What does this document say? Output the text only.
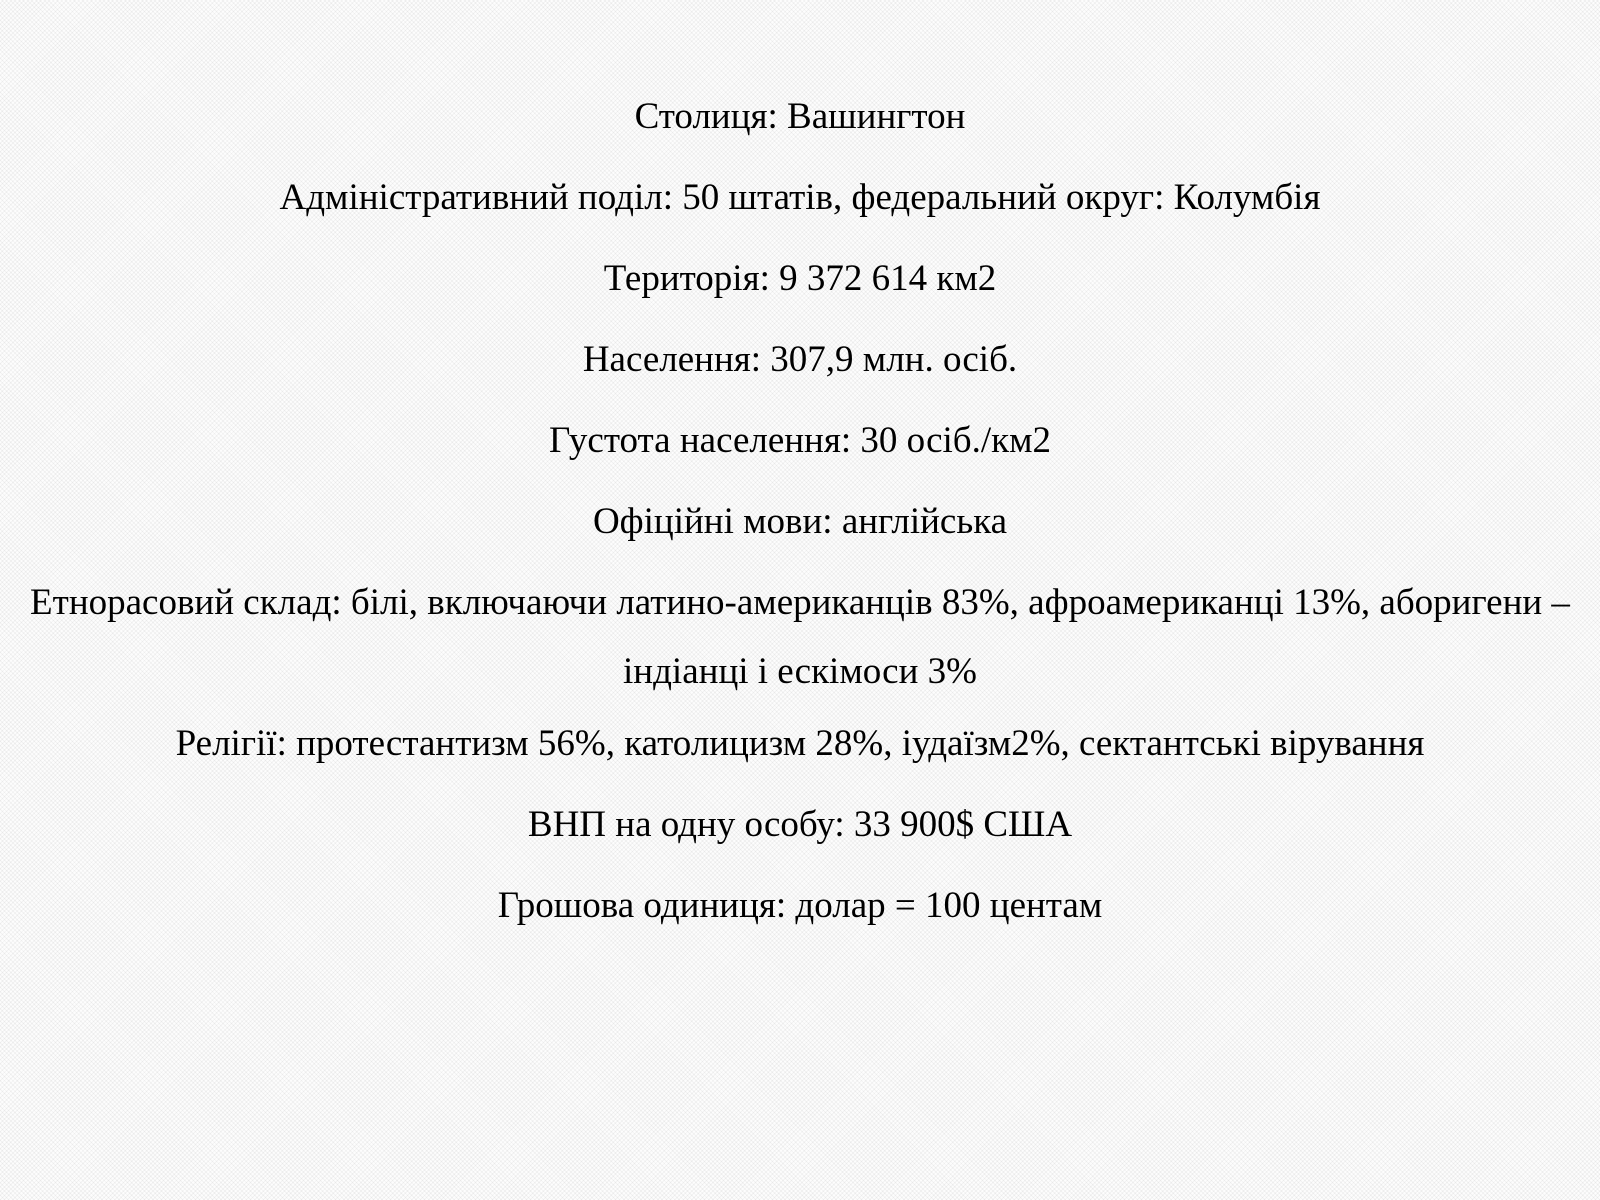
Столиця: Вашингтон

Адміністративний поділ: 50 штатів, федеральний округ: Колумбія

Територія: 9 372 614 км2

Населення: 307,9 млн. осіб.

Густота населення: 30 осіб./км2

Офіційні мови: англійська

Етнорасовий склад: білі, включаючи латино-американців 83%, афроамериканці 13%, аборигени – індіанці і ескімоси 3%

Релігії: протестантизм 56%, католицизм 28%, іудаїзм2%, сектантські вірування

ВНП на одну особу: 33 900$ США

Грошова одиниця: долар = 100 центам
